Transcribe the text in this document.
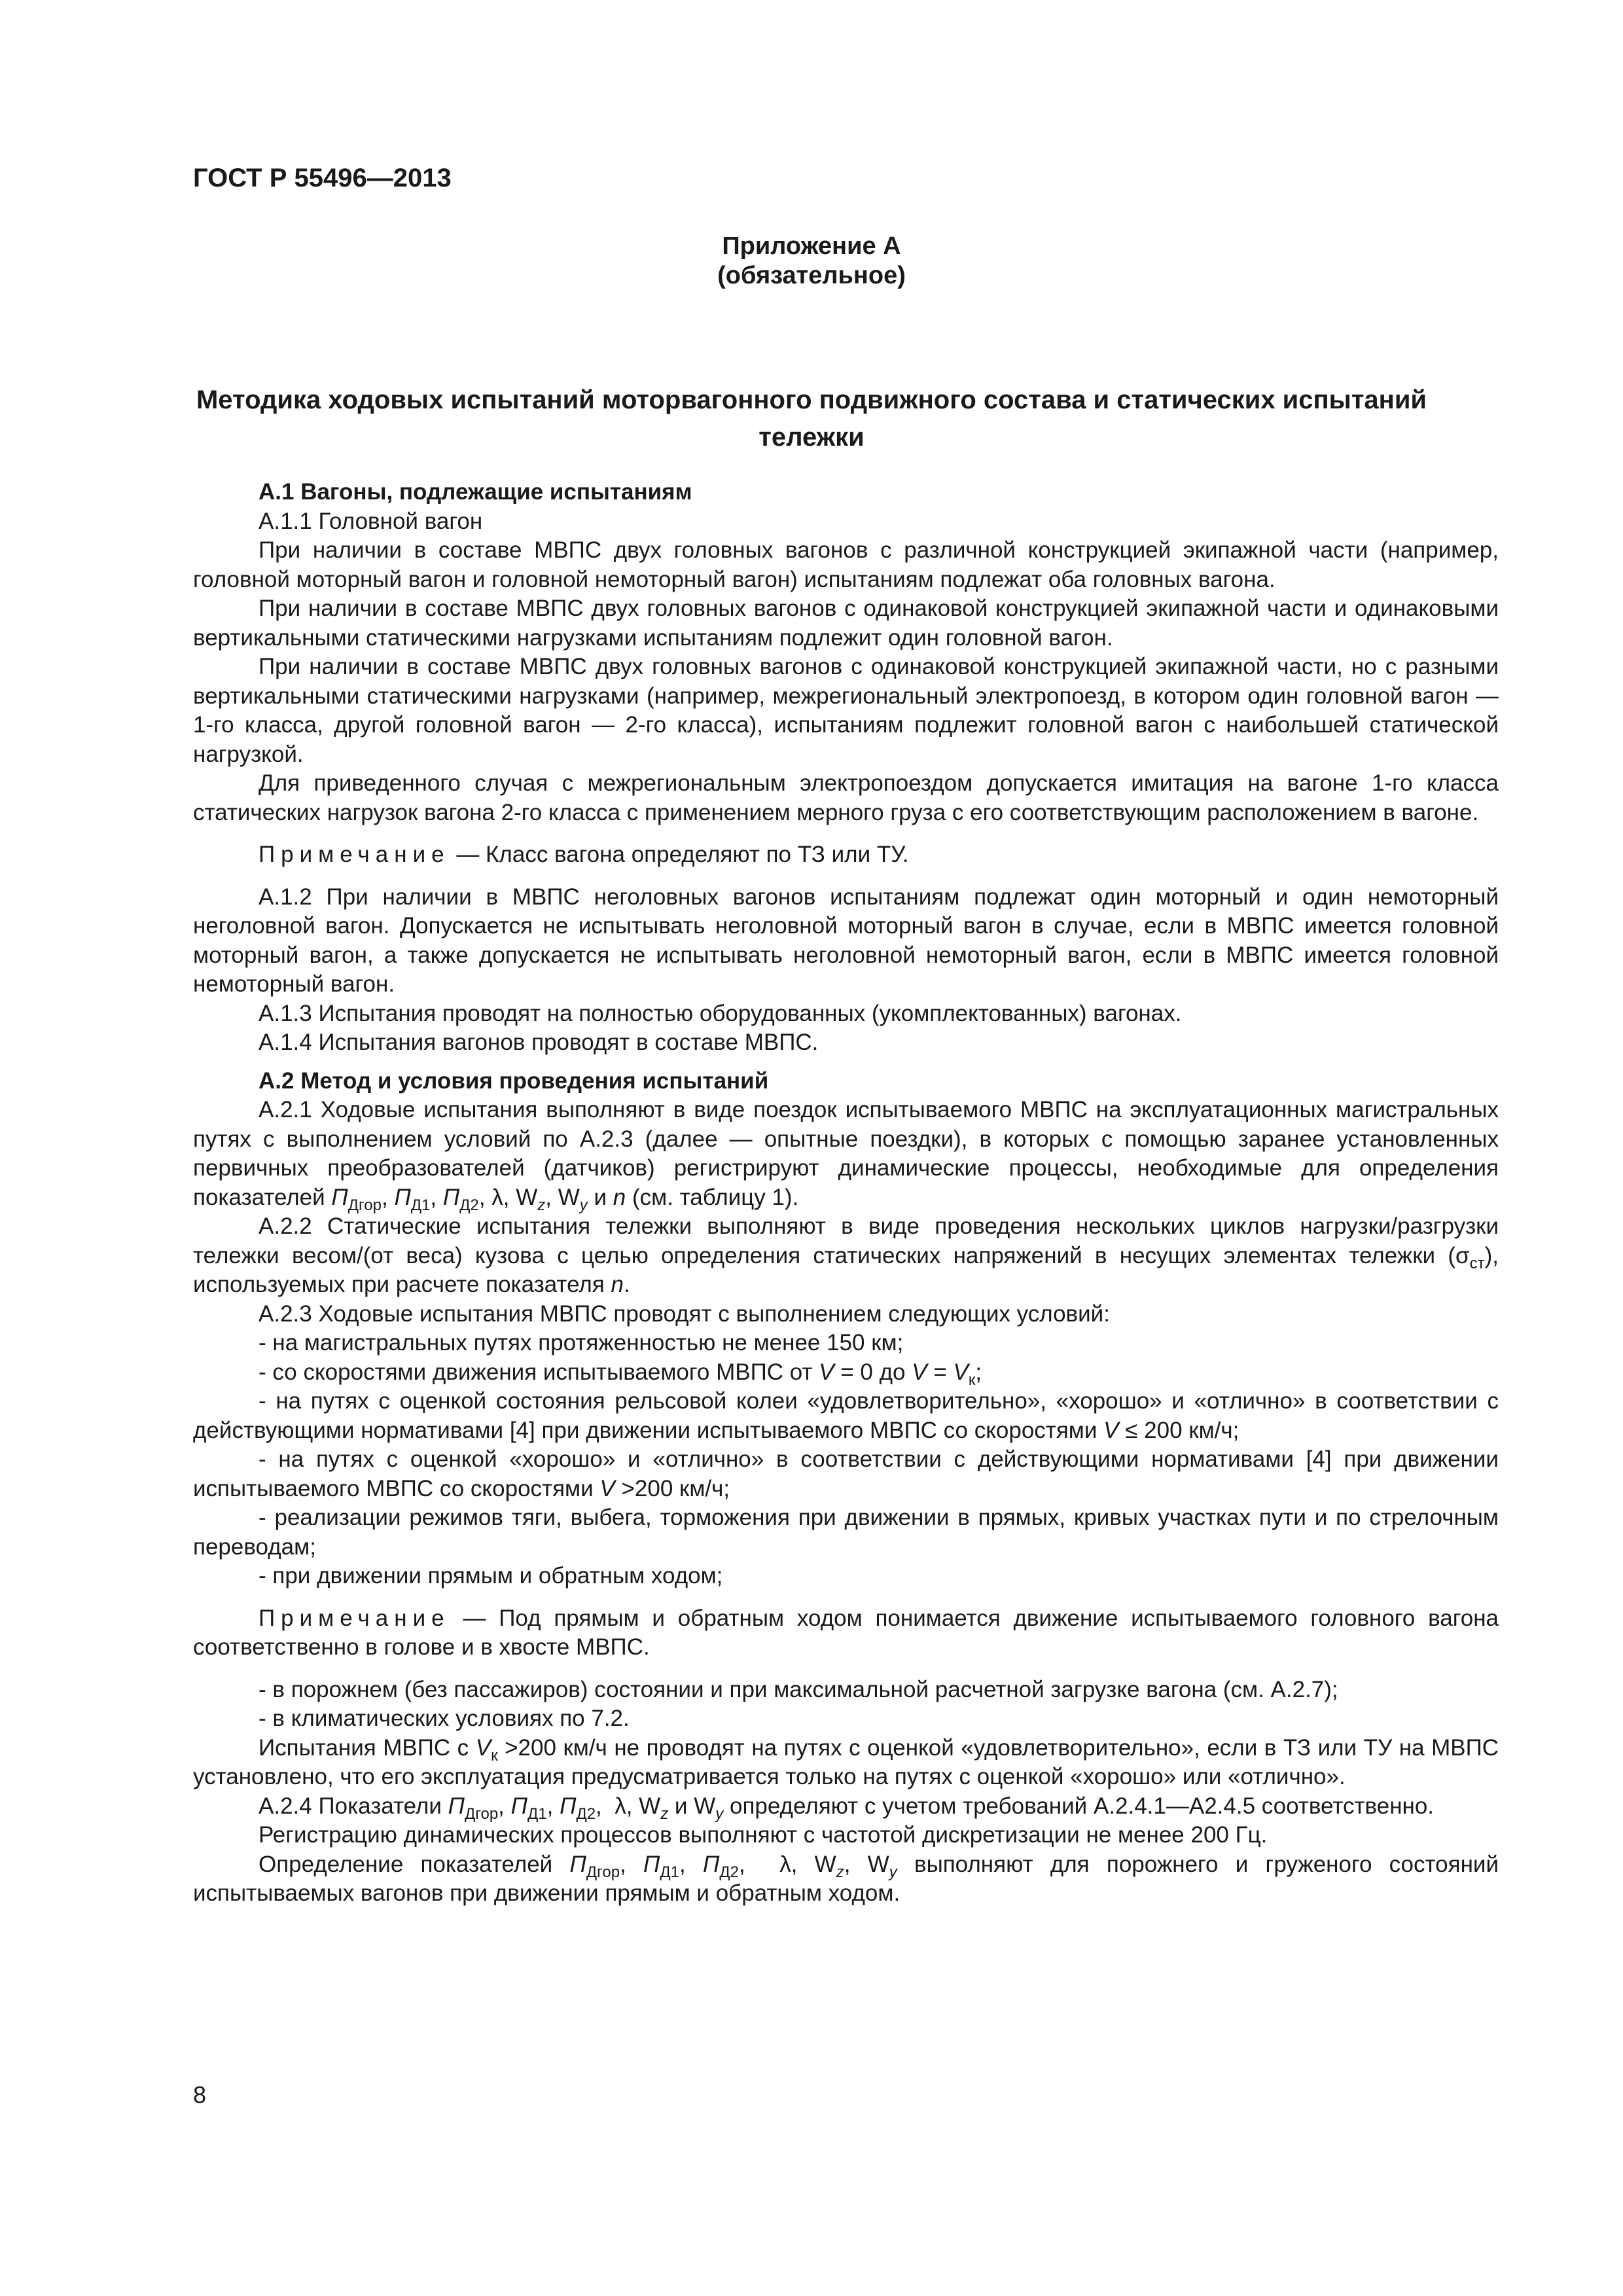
ГОСТ Р 55496—2013
Приложение А
(обязательное)
Методика ходовых испытаний моторвагонного подвижного состава и статических испытаний
тележки

А.1 Вагоны, подлежащие испытаниям

А.1.1 Головной вагон

При наличии в составе МВПС двух головных вагонов с различной конструкцией экипажной части (например, головной моторный вагон и головной немоторный вагон) испытаниям подлежат оба головных вагона.

При наличии в составе МВПС двух головных вагонов с одинаковой конструкцией экипажной части и одинаковыми вертикальными статическими нагрузками испытаниям подлежит один головной вагон.

При наличии в составе МВПС двух головных вагонов с одинаковой конструкцией экипажной части, но с разными вертикальными статическими нагрузками (например, межрегиональный электропоезд, в котором один головной вагон — 1-го класса, другой головной вагон — 2-го класса), испытаниям подлежит головной вагон с наибольшей статической нагрузкой.

Для приведенного случая с межрегиональным электропоездом допускается имитация на вагоне 1-го класса статических нагрузок вагона 2-го класса с применением мерного груза с его соответствующим расположением в вагоне.

Примечание — Класс вагона определяют по ТЗ или ТУ.

А.1.2 При наличии в МВПС неголовных вагонов испытаниям подлежат один моторный и один немоторный неголовной вагон. Допускается не испытывать неголовной моторный вагон в случае, если в МВПС имеется головной моторный вагон, а также допускается не испытывать неголовной немоторный вагон, если в МВПС имеется головной немоторный вагон.

А.1.3 Испытания проводят на полностью оборудованных (укомплектованных) вагонах.

А.1.4 Испытания вагонов проводят в составе МВПС.

А.2 Метод и условия проведения испытаний

А.2.1 Ходовые испытания выполняют в виде поездок испытываемого МВПС на эксплуатационных магистральных путях с выполнением условий по А.2.3 (далее — опытные поездки), в которых с помощью заранее установленных первичных преобразователей (датчиков) регистрируют динамические процессы, необходимые для определения показателей $П_{Дгор}$, $П_{Д1}$, $П_{Д2}$, λ, $W_z$, $W_y$ и n (см. таблицу 1).

А.2.2 Статические испытания тележки выполняют в виде проведения нескольких циклов нагрузки/разгрузки тележки весом/(от веса) кузова с целью определения статических напряжений в несущих элементах тележки $(\sigma_{ст})$, используемых при расчете показателя n.

А.2.3 Ходовые испытания МВПС проводят с выполнением следующих условий:

- на магистральных путях протяженностью не менее 150 км;

- со скоростями движения испытываемого МВПС от V = 0 до $V = V_к$;

- на путях с оценкой состояния рельсовой колеи «удовлетворительно», «хорошо» и «отлично» в соответствии с действующими нормативами [4] при движении испытываемого МВПС со скоростями V ≤ 200 км/ч;

- на путях с оценкой «хорошо» и «отлично» в соответствии с действующими нормативами [4] при движении испытываемого МВПС со скоростями V >200 км/ч;

- реализации режимов тяги, выбега, торможения при движении в прямых, кривых участках пути и по стрелочным переводам;

- при движении прямым и обратным ходом;

Примечание — Под прямым и обратным ходом понимается движение испытываемого головного вагона соответственно в голове и в хвосте МВПС.

- в порожнем (без пассажиров) состоянии и при максимальной расчетной загрузке вагона (см. А.2.7);

- в климатических условиях по 7.2.

Испытания МВПС с $V_к >200$ км/ч не проводят на путях с оценкой «удовлетворительно», если в ТЗ или ТУ на МВПС установлено, что его эксплуатация предусматривается только на путях с оценкой «хорошо» или «отлично».

А.2.4 Показатели $П_{Дгор}$, $П_{Д1}$, $П_{Д2}$,  λ, $W_z$ и $W_y$ определяют с учетом требований А.2.4.1—А2.4.5 соответственно.

Регистрацию динамических процессов выполняют с частотой дискретизации не менее 200 Гц.

Определение показателей $П_{Дгор}$, $П_{Д1}$, $П_{Д2}$,  λ, $W_z$, $W_y$ выполняют для порожнего и груженого состояний испытываемых вагонов при движении прямым и обратным ходом.

8
